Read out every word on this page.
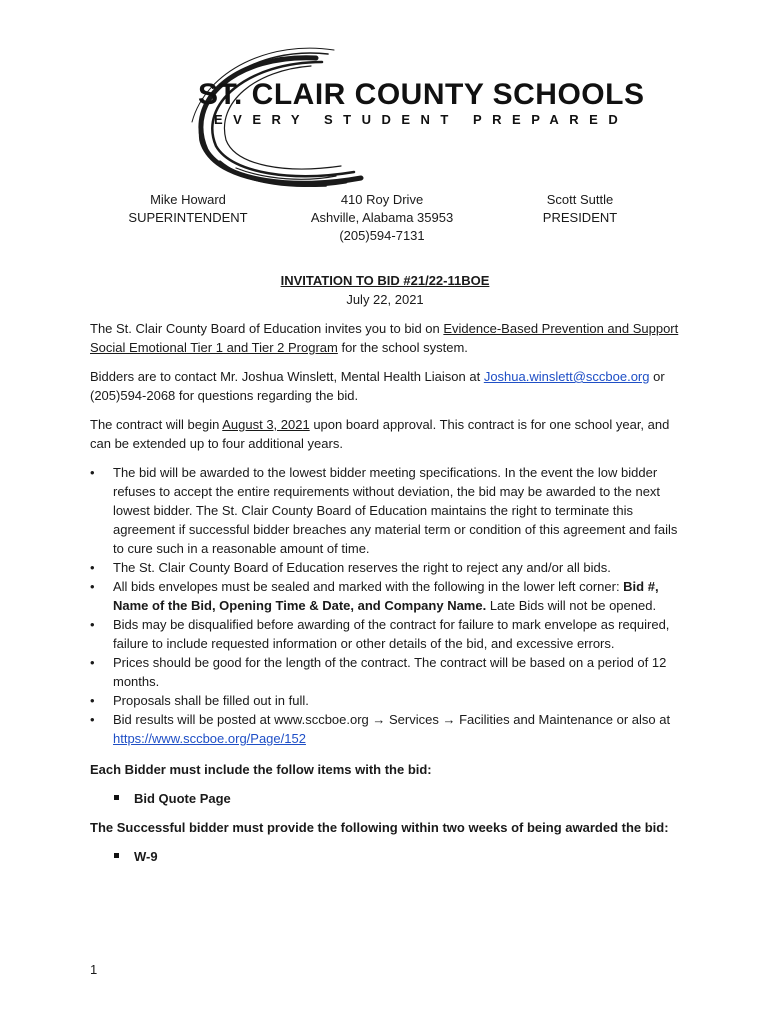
ST. CLAIR COUNTY SCHOOLS
EVERY STUDENT PREPARED
Mike Howard
SUPERINTENDENT
410 Roy Drive
Ashville, Alabama 35953
(205)594-7131
Scott Suttle
PRESIDENT
INVITATION TO BID #21/22-11BOE
July 22, 2021
The St. Clair County Board of Education invites you to bid on Evidence-Based Prevention and Support Social Emotional Tier 1 and Tier 2 Program for the school system.
Bidders are to contact Mr. Joshua Winslett, Mental Health Liaison at Joshua.winslett@sccboe.org or (205)594-2068 for questions regarding the bid.
The contract will begin August 3, 2021 upon board approval. This contract is for one school year, and can be extended up to four additional years.
• The bid will be awarded to the lowest bidder meeting specifications. In the event the low bidder refuses to accept the entire requirements without deviation, the bid may be awarded to the next lowest bidder. The St. Clair County Board of Education maintains the right to terminate this agreement if successful bidder breaches any material term or condition of this agreement and fails to cure such in a reasonable amount of time.
• The St. Clair County Board of Education reserves the right to reject any and/or all bids.
• All bids envelopes must be sealed and marked with the following in the lower left corner: Bid #, Name of the Bid, Opening Time & Date, and Company Name. Late Bids will not be opened.
• Bids may be disqualified before awarding of the contract for failure to mark envelope as required, failure to include requested information or other details of the bid, and excessive errors.
• Prices should be good for the length of the contract. The contract will be based on a period of 12 months.
• Proposals shall be filled out in full.
• Bid results will be posted at www.sccboe.org → Services → Facilities and Maintenance or also at https://www.sccboe.org/Page/152
Each Bidder must include the follow items with the bid:
Bid Quote Page
The Successful bidder must provide the following within two weeks of being awarded the bid:
W-9
1
